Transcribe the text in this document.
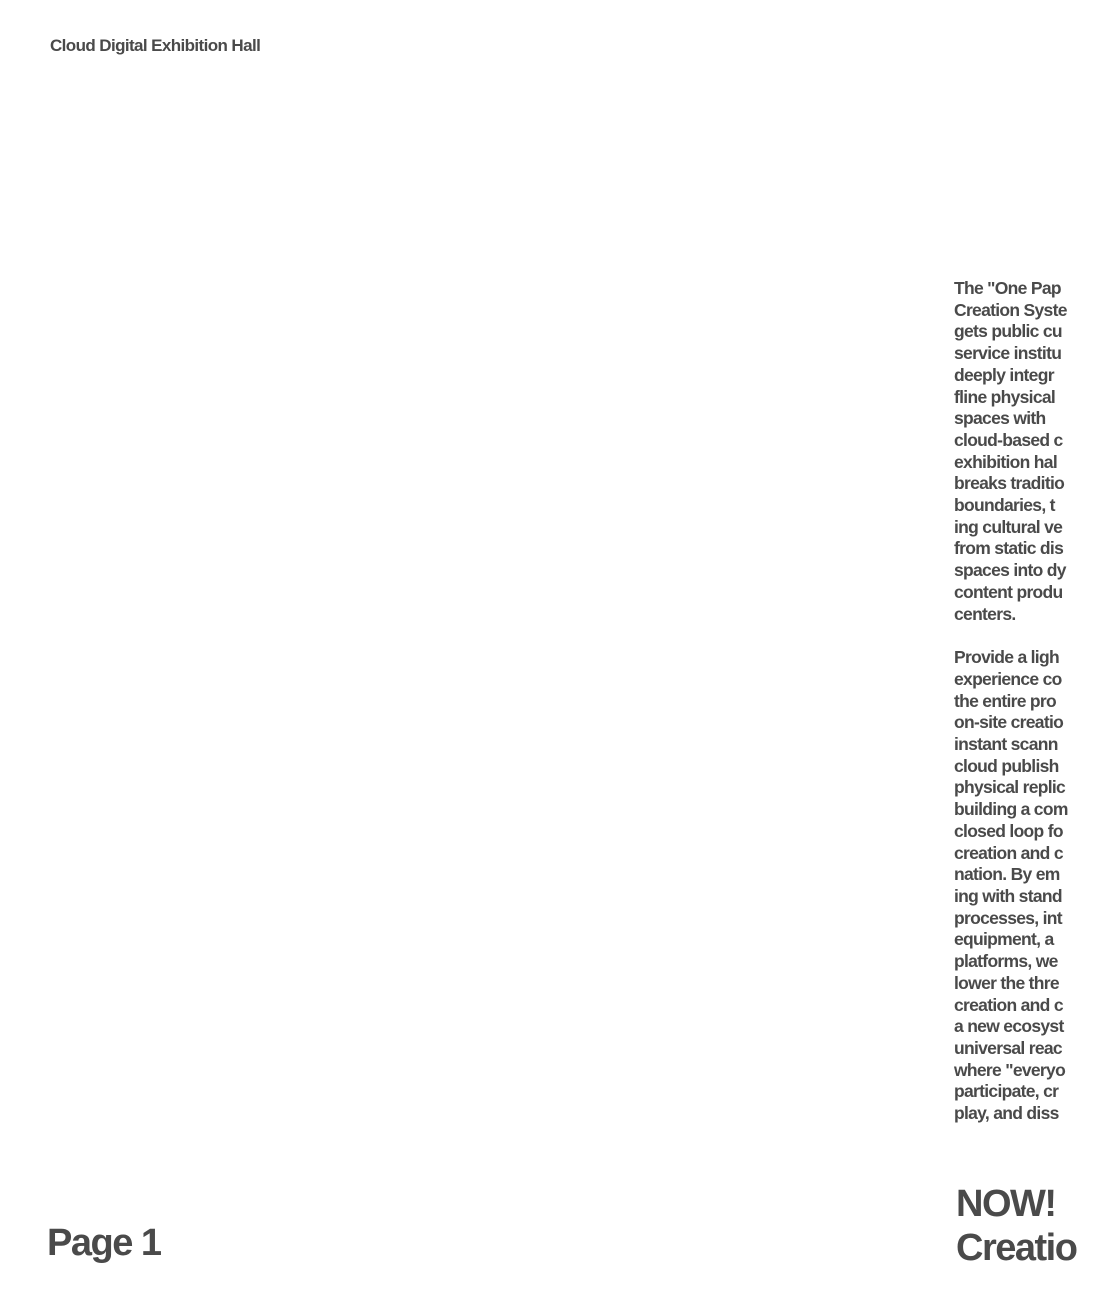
Cloud Digital Exhibition Hall

The "One Pap
Creation Syste
gets public cu
service institu
deeply integr
fline physical
spaces with
cloud-based c
exhibition hal
breaks traditio
boundaries, t
ing cultural ve
from static dis
spaces into dy
content produ
centers.

Provide a ligh
experience co
the entire pro
on-site creatio
instant scann
cloud publish
physical replic
building a com
closed loop fo
creation and c
nation. By em
ing with stand
processes, int
equipment, a
platforms, we
lower the thre
creation and c
a new ecosyst
universal reac
where "everyo
participate, cr
play, and diss

NOW!
Creatio
Page 1
